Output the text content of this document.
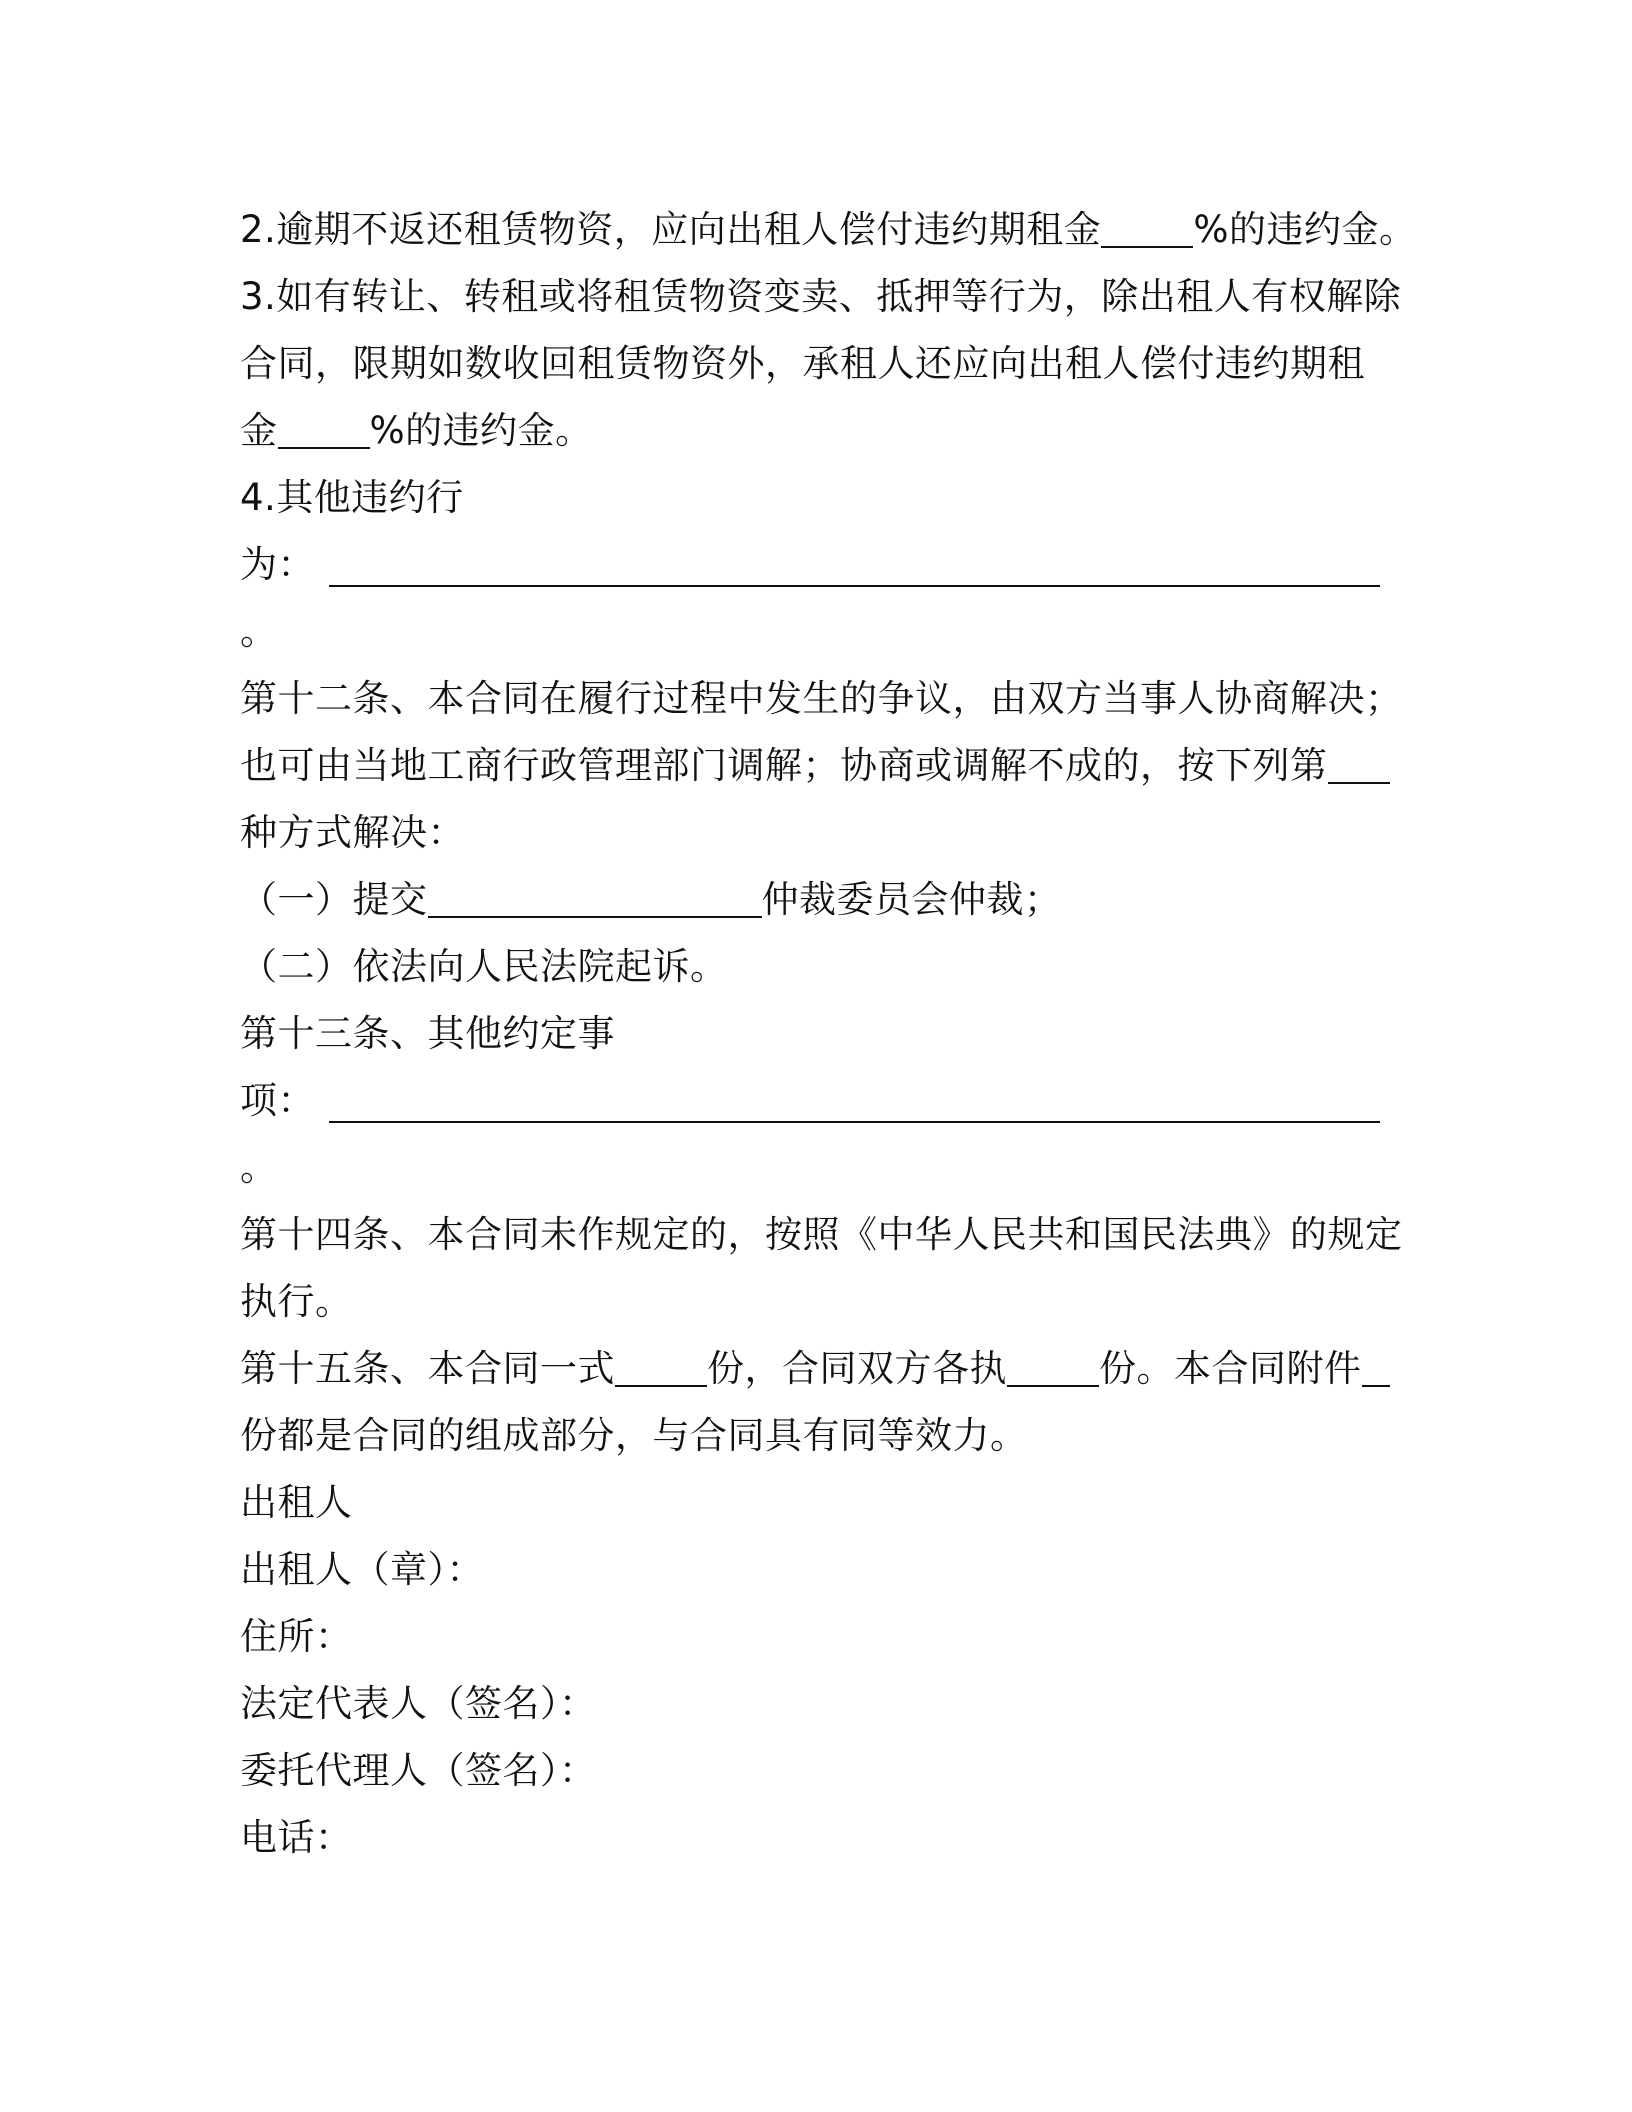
2.逾期不返还租赁物资，应向出租人偿付违约期租金 %的违约金。
3.如有转让、转租或将租赁物资变卖、抵押等行为，除出租人有权解除
合同，限期如数收回租赁物资外，承租人还应向出租人偿付违约期租
金 %的违约金。
4.其他违约行
为：
。
第十二条、本合同在履行过程中发生的争议，由双方当事人协商解决；
也可由当地工商行政管理部门调解；协商或调解不成的，按下列第
种方式解决：
（一）提交	仲裁委员会仲裁；
（二）依法向人民法院起诉。
第十三条、其他约定事
项：
。
第十四条、本合同未作规定的，按照《中华人民共和国民法典》的规定
执行。
第十五条、本合同一式 份，合同双方各执 份。本合同附件
份都是合同的组成部分，与合同具有同等效力。
出租人
出租人（章）：
住所：
法定代表人（签名）：
委托代理人（签名）：
电话：
